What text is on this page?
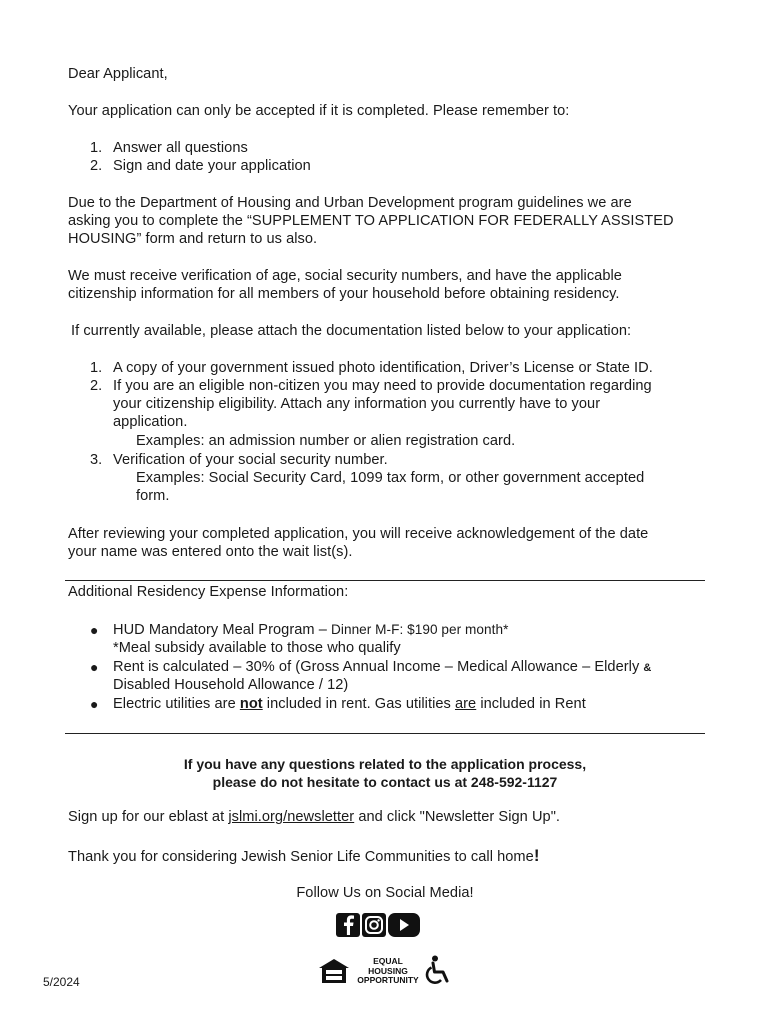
Dear Applicant,
Your application can only be accepted if it is completed. Please remember to:
1. Answer all questions
2. Sign and date your application
Due to the Department of Housing and Urban Development program guidelines we are
asking you to complete the “SUPPLEMENT TO APPLICATION FOR FEDERALLY ASSISTED
HOUSING” form and return to us also.
We must receive verification of age, social security numbers, and have the applicable
citizenship information for all members of your household before obtaining residency.
If currently available, please attach the documentation listed below to your application:
1. A copy of your government issued photo identification, Driver’s License or State ID.
2. If you are an eligible non-citizen you may need to provide documentation regarding
your citizenship eligibility. Attach any information you currently have to your
application.
Examples: an admission number or alien registration card.
3. Verification of your social security number.
Examples: Social Security Card, 1099 tax form, or other government accepted
form.
After reviewing your completed application, you will receive acknowledgement of the date
your name was entered onto the wait list(s).
Additional Residency Expense Information:
● HUD Mandatory Meal Program – Dinner M-F: $190 per month*
*Meal subsidy available to those who qualify
● Rent is calculated – 30% of (Gross Annual Income – Medical Allowance – Elderly &
Disabled Household Allowance / 12)
● Electric utilities are not included in rent. Gas utilities are included in Rent
If you have any questions related to the application process,
please do not hesitate to contact us at 248-592-1127
Sign up for our eblast at jslmi.org/newsletter and click "Newsletter Sign Up".
Thank you for considering Jewish Senior Life Communities to call home!
Follow Us on Social Media!
EQUAL
HOUSING
OPPORTUNITY
5/2024
